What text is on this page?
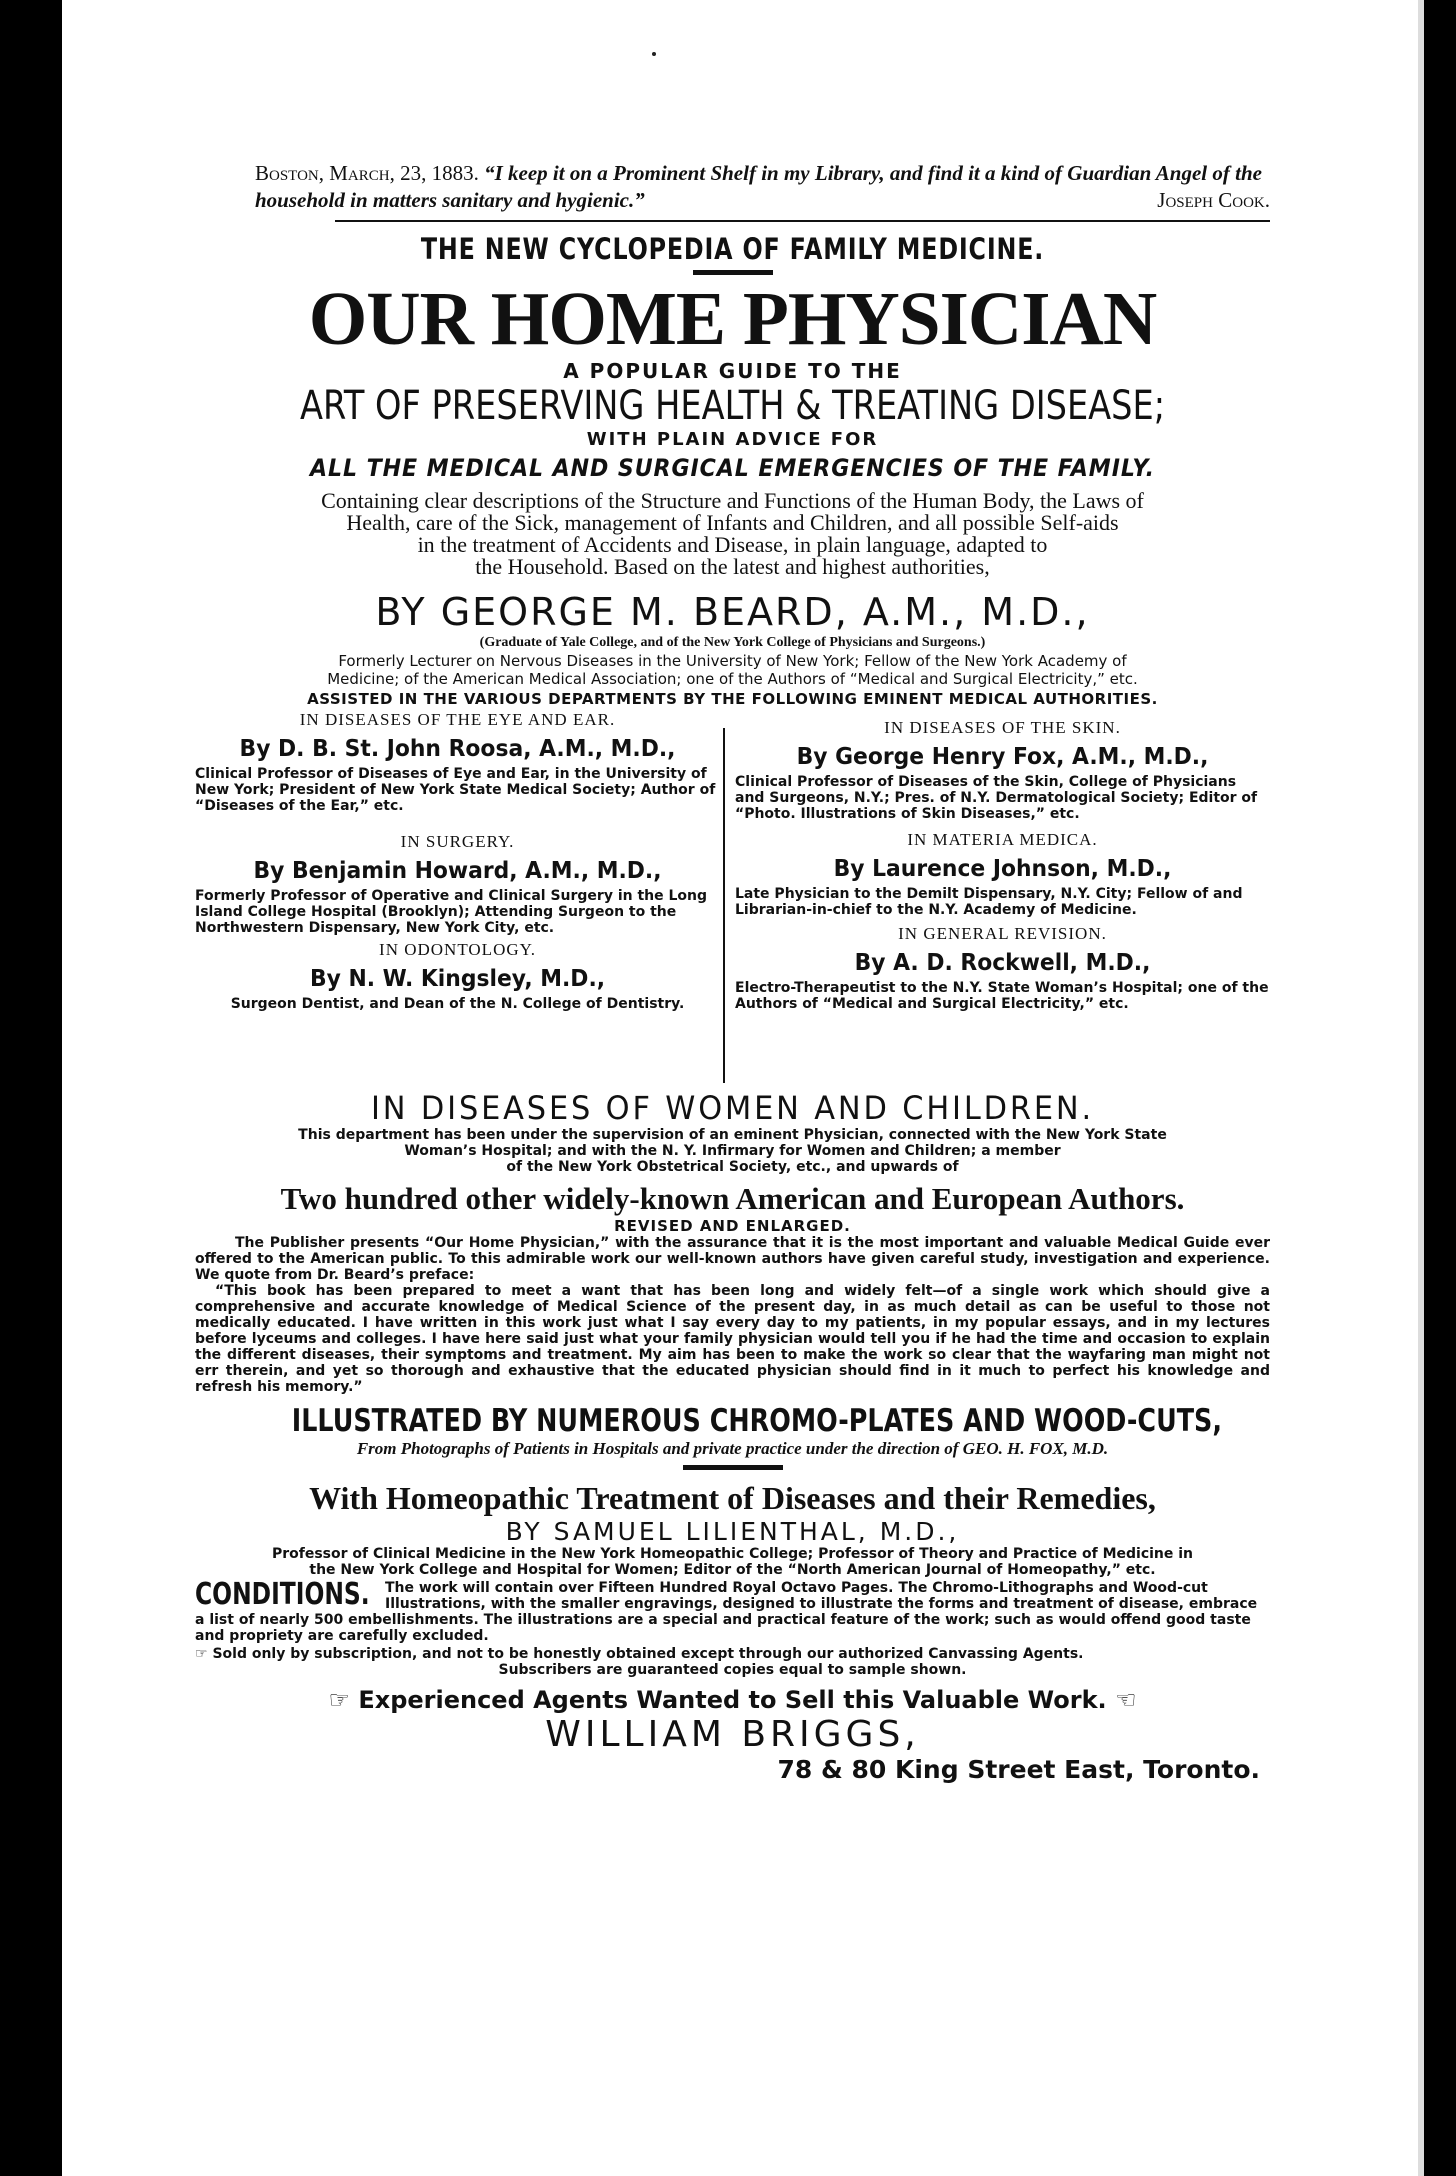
Boston, March, 23, 1883. “I keep it on a Prominent Shelf in my Library, and find it a kind of Guardian Angel of the household in matters sanitary and hygienic.”	Joseph Cook.
THE NEW CYCLOPEDIA OF FAMILY MEDICINE.
OUR HOME PHYSICIAN
A POPULAR GUIDE TO THE
ART OF PRESERVING HEALTH & TREATING DISEASE;
WITH PLAIN ADVICE FOR
ALL THE MEDICAL AND SURGICAL EMERGENCIES OF THE FAMILY.
Containing clear descriptions of the Structure and Functions of the Human Body, the Laws of
Health, care of the Sick, management of Infants and Children, and all possible Self-aids
in the treatment of Accidents and Disease, in plain language, adapted to
the Household. Based on the latest and highest authorities,
BY GEORGE M. BEARD, A.M., M.D.,
(Graduate of Yale College, and of the New York College of Physicians and Surgeons.)
Formerly Lecturer on Nervous Diseases in the University of New York; Fellow of the New York Academy of
Medicine; of the American Medical Association; one of the Authors of “Medical and Surgical Electricity,” etc.
ASSISTED IN THE VARIOUS DEPARTMENTS BY THE FOLLOWING EMINENT MEDICAL AUTHORITIES.
IN DISEASES OF THE EYE AND EAR.
By D. B. St. John Roosa, A.M., M.D.,
Clinical Professor of Diseases of Eye and Ear, in the University of New York; President of New York State Medical Society; Author of “Diseases of the Ear,” etc.
IN SURGERY.
By Benjamin Howard, A.M., M.D.,
Formerly Professor of Operative and Clinical Surgery in the Long Island College Hospital (Brooklyn); Attending Surgeon to the Northwestern Dispensary, New York City, etc.
IN ODONTOLOGY.
By N. W. Kingsley, M.D.,
Surgeon Dentist, and Dean of the N. College of Dentistry.
IN DISEASES OF THE SKIN.
By George Henry Fox, A.M., M.D.,
Clinical Professor of Diseases of the Skin, College of Physicians and Surgeons, N.Y.; Pres. of N.Y. Dermatological Society; Editor of “Photo. Illustrations of Skin Diseases,” etc.
IN MATERIA MEDICA.
By Laurence Johnson, M.D.,
Late Physician to the Demilt Dispensary, N.Y. City; Fellow of and Librarian-in-chief to the N.Y. Academy of Medicine.
IN GENERAL REVISION.
By A. D. Rockwell, M.D.,
Electro-Therapeutist to the N.Y. State Woman’s Hospital; one of the Authors of “Medical and Surgical Electricity,” etc.
IN DISEASES OF WOMEN AND CHILDREN.
This department has been under the supervision of an eminent Physician, connected with the New York State
Woman’s Hospital; and with the N. Y. Infirmary for Women and Children; a member
of the New York Obstetrical Society, etc., and upwards of
Two hundred other widely-known American and European Authors.
REVISED AND ENLARGED.
The Publisher presents “Our Home Physician,” with the assurance that it is the most important and valuable Medical Guide ever offered to the American public. To this admirable work our well-known authors have given careful study, investigation and experience. We quote from Dr. Beard’s preface:
“This book has been prepared to meet a want that has been long and widely felt—of a single work which should give a comprehensive and accurate knowledge of Medical Science of the present day, in as much detail as can be useful to those not medically educated. I have written in this work just what I say every day to my patients, in my popular essays, and in my lectures before lyceums and colleges. I have here said just what your family physician would tell you if he had the time and occasion to explain the different diseases, their symptoms and treatment. My aim has been to make the work so clear that the wayfaring man might not err therein, and yet so thorough and exhaustive that the educated physician should find in it much to perfect his knowledge and refresh his memory.”
ILLUSTRATED BY NUMEROUS CHROMO-PLATES AND WOOD-CUTS,
From Photographs of Patients in Hospitals and private practice under the direction of GEO. H. FOX, M.D.
With Homeopathic Treatment of Diseases and their Remedies,
BY SAMUEL LILIENTHAL, M.D.,
Professor of Clinical Medicine in the New York Homeopathic College; Professor of Theory and Practice of Medicine in
the New York College and Hospital for Women; Editor of the “North American Journal of Homeopathy,” etc.
CONDITIONS.	The work will contain over Fifteen Hundred Royal Octavo Pages. The Chromo-Lithographs and Wood-cut Illustrations, with the smaller engravings, designed to illustrate the forms and treatment of disease, embrace a list of nearly 500 embellishments. The illustrations are a special and practical feature of the work; such as would offend good taste and propriety are carefully excluded.
☞ Sold only by subscription, and not to be honestly obtained except through our authorized Canvassing Agents.
Subscribers are guaranteed copies equal to sample shown.
☞ Experienced Agents Wanted to Sell this Valuable Work. ☜
WILLIAM BRIGGS,
78 & 80 King Street East, Toronto.
